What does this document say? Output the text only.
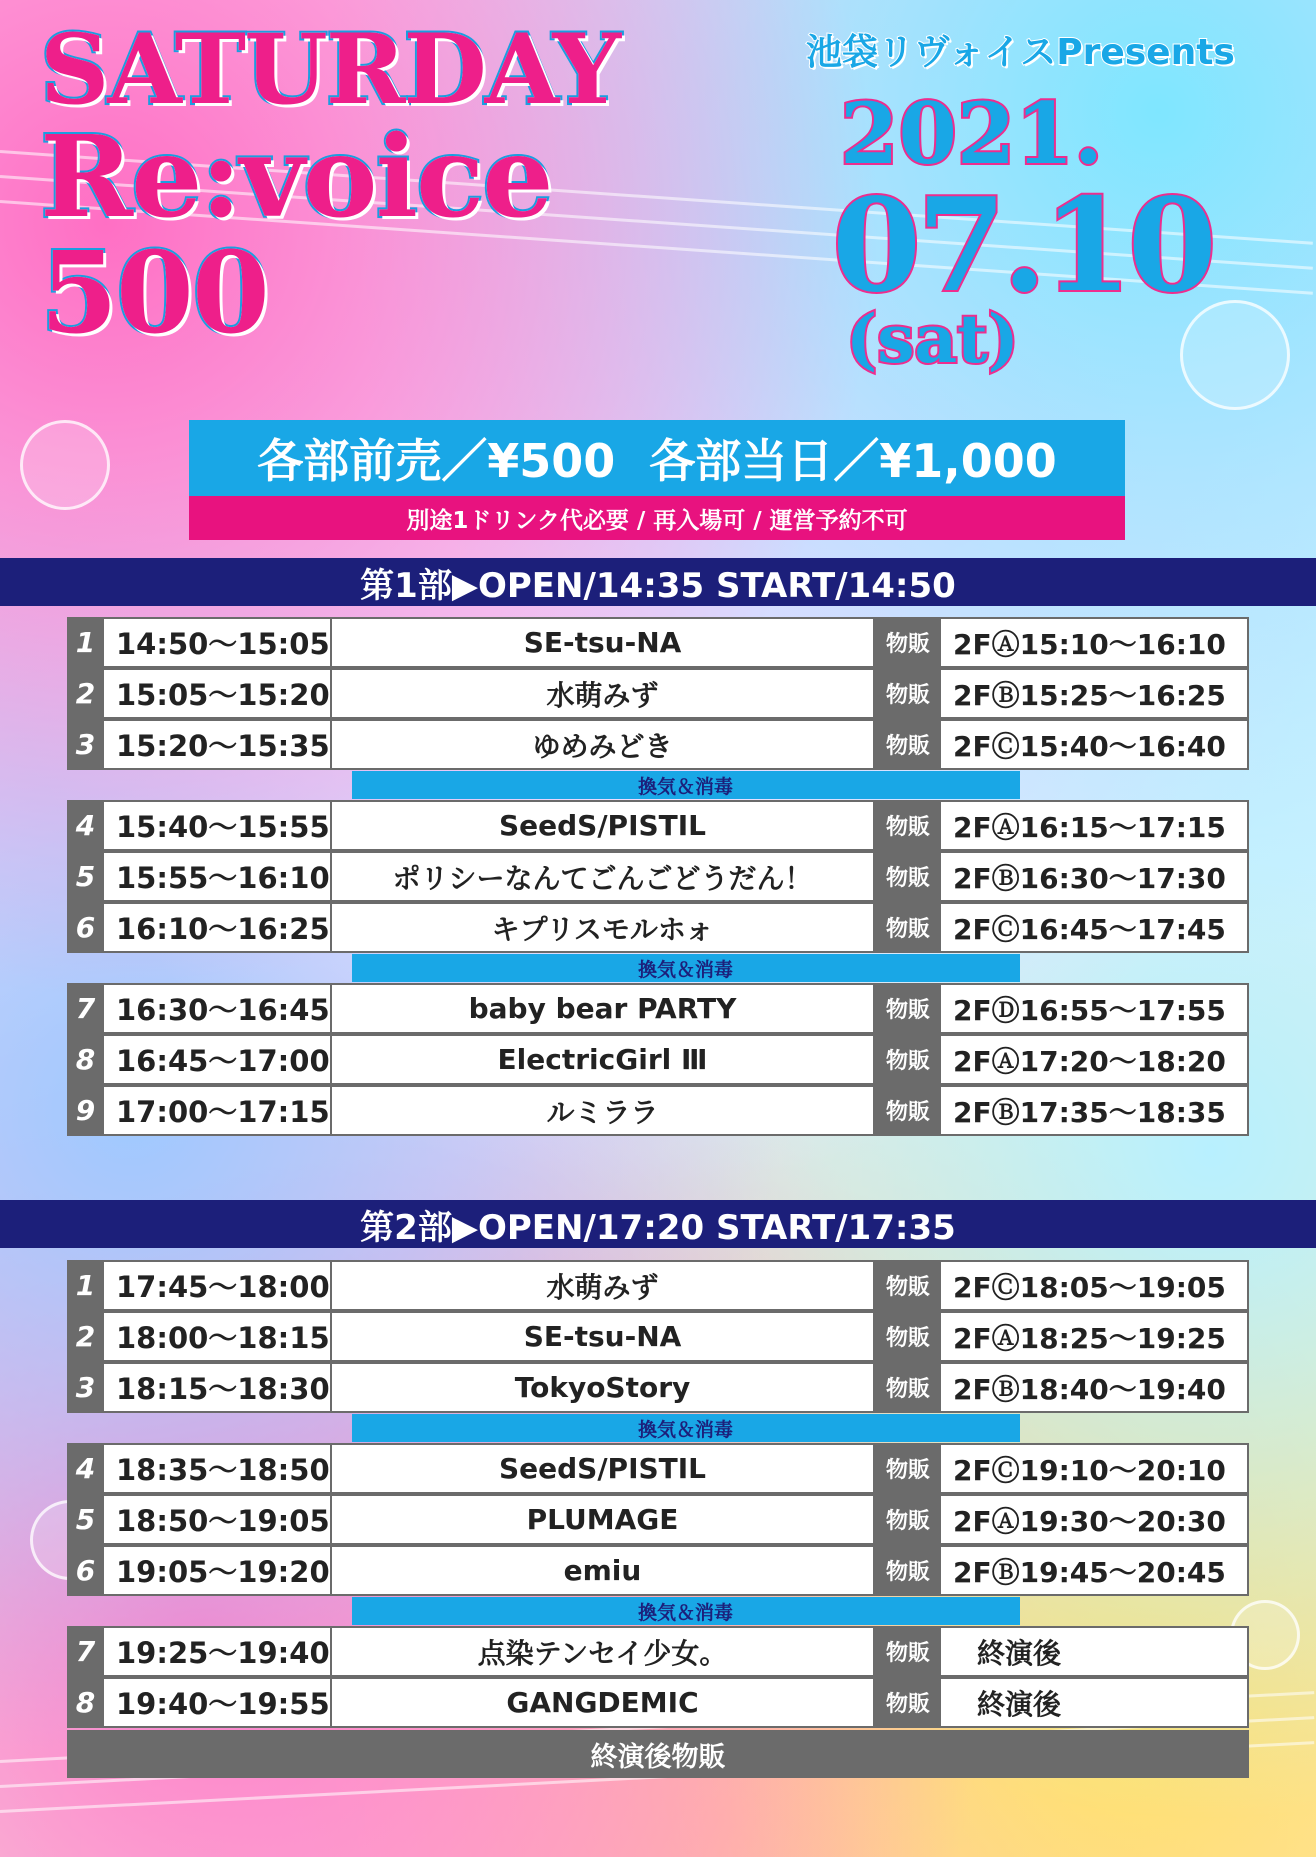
SATURDAY
Re:voice
500
池袋リヴォイスPresents
2021.
07.10
(sat)
各部前売／¥500 各部当日／¥1,000
別途1ドリンク代必要 / 再入場可 / 運営予約不可
第1部▶OPEN/14:35 START/14:50
1 14:50〜15:05	SE-tsu-NA	物販 2FⒶ15:10〜16:10
2 15:05〜15:20	水萌みず	物販 2FⒷ15:25〜16:25
3 15:20〜15:35	ゆめみどき	物販 2FⒸ15:40〜16:40
換気＆消毒
4 15:40〜15:55	SeedS/PISTIL	物販 2FⒶ16:15〜17:15
5 15:55〜16:10	ポリシーなんてごんごどうだん！	物販 2FⒷ16:30〜17:30
6 16:10〜16:25	キプリスモルホォ	物販 2FⒸ16:45〜17:45
換気＆消毒
7 16:30〜16:45	baby bear PARTY	物販 2FⒹ16:55〜17:55
8 16:45〜17:00	ElectricGirl Ⅲ	物販 2FⒶ17:20〜18:20
9 17:00〜17:15	ルミララ	物販 2FⒷ17:35〜18:35
第2部▶OPEN/17:20 START/17:35
1 17:45〜18:00	水萌みず	物販 2FⒸ18:05〜19:05
2 18:00〜18:15	SE-tsu-NA	物販 2FⒶ18:25〜19:25
3 18:15〜18:30	TokyoStory	物販 2FⒷ18:40〜19:40
換気＆消毒
4 18:35〜18:50	SeedS/PISTIL	物販 2FⒸ19:10〜20:10
5 18:50〜19:05	PLUMAGE	物販 2FⒶ19:30〜20:30
6 19:05〜19:20	emiu	物販 2FⒷ19:45〜20:45
換気＆消毒
7 19:25〜19:40	点染テンセイ少女。	物販	終演後
8 19:40〜19:55	GANGDEMIC	物販	終演後
終演後物販
